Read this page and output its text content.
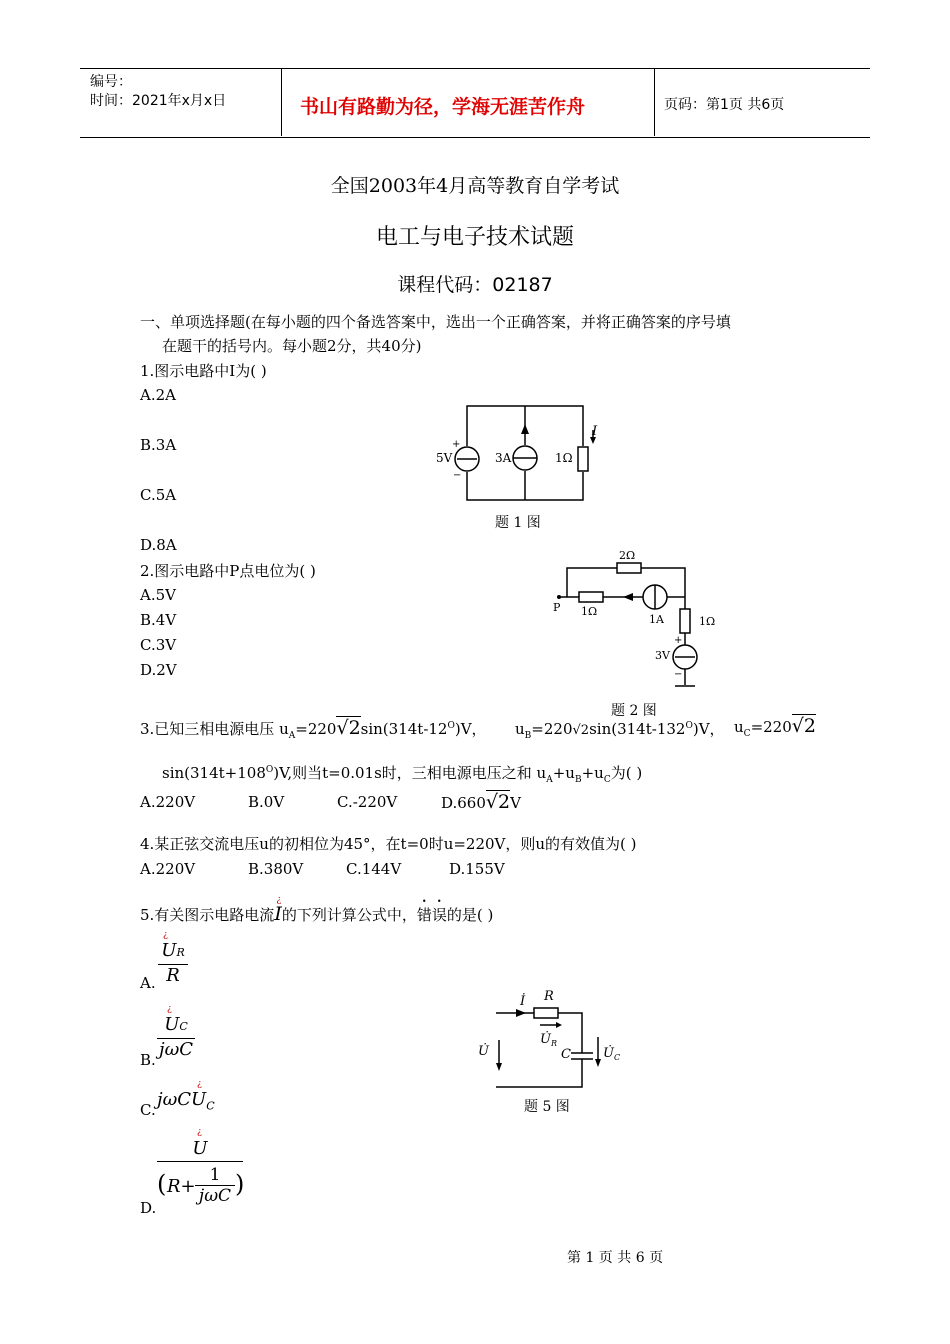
编号：
时间：2021年x月x日	书山有路勤为径，学海无涯苦作舟	页码：第1页 共6页
全国2003年4月高等教育自学考试
电工与电子技术试题
课程代码：02187
一、单项选择题(在每小题的四个备选答案中，选出一个正确答案，并将正确答案的序号填
在题干的括号内。每小题2分，共40分)
1.图示电路中I为( )
A.2A
B.3A
C.5A
D.8A
+
−
5V	3A	1Ω
I
题 1 图
2.图示电路中P点电位为( )
A.5V
B.4V
C.3V
D.2V
2Ω
1Ω
1A	1Ω
3V
P
+
−
题 2 图
3.已知三相电源电压 $u_A=220√2\sin(314t-12^O)V$， $u_B=220√2\sin(314t-132^O)V$， $u_C=220√2$
$\sin(314t+108^O)V$,则当t=0.01s时，三相电源电压之和 $u_A+u_B+u_C$为( )
A.220V	B.0V	C.-220V	D.660√2V
4.某正弦交流电压u的初相位为45°，在t=0时u=220V，则u的有效值为( )
A.220V	B.380V	C.144V	D.155V
5.有关图示电路电流
¿
I的下列计算公式中，错误的是( )
A.
¿
UR
R
B.
¿
UC
jωC
C.
¿
jωCU$_C$
D.
¿
U
( R+
1
jωC )
İ R
U̇
$U̇_R$
C $U̇_C$
题 5 图
第 1 页 共 6 页
